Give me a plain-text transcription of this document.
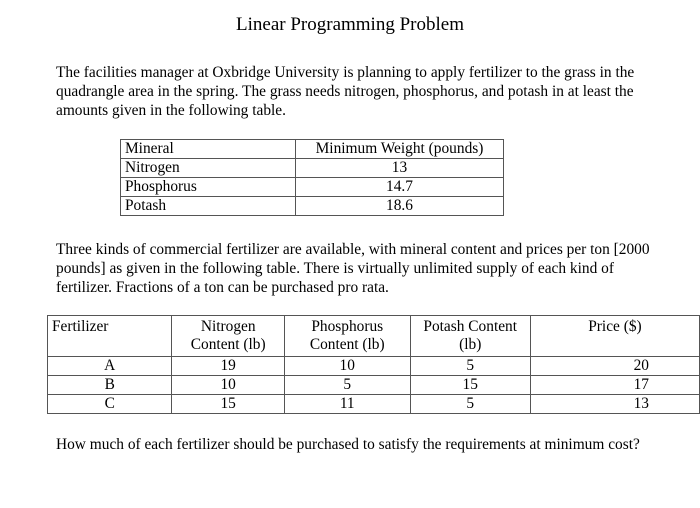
Linear Programming Problem
The facilities manager at Oxbridge University is planning to apply fertilizer to the grass in the quadrangle area in the spring. The grass needs nitrogen, phosphorus, and potash in at least the amounts given in the following table.
Mineral	Minimum Weight (pounds)
Nitrogen	13
Phosphorus	14.7
Potash	18.6
Three kinds of commercial fertilizer are available, with mineral content and prices per ton [2000 pounds] as given in the following table. There is virtually unlimited supply of each kind of fertilizer. Fractions of a ton can be purchased pro rata.
Fertilizer	Nitrogen Content (lb)	Phosphorus Content (lb)	Potash Content (lb)	Price ($)
A	19	10	5	20
B	10	5	15	17
C	15	11	5	13
How much of each fertilizer should be purchased to satisfy the requirements at minimum cost?
